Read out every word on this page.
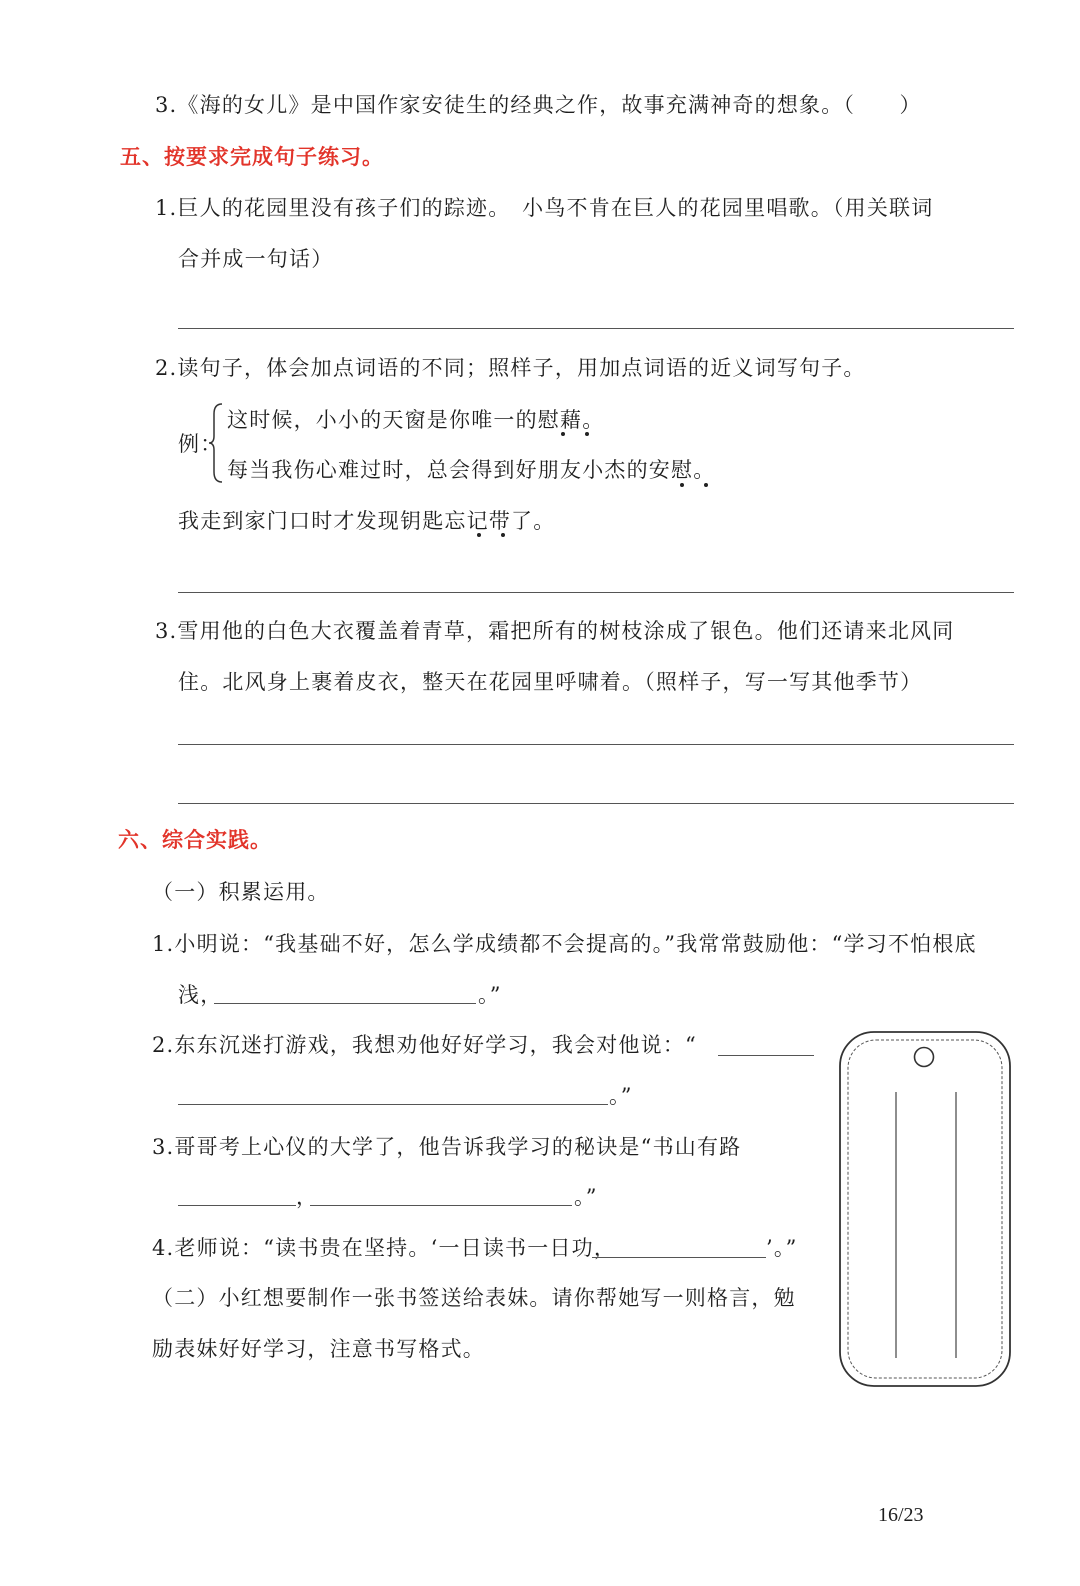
3.《海的女儿》是中国作家安徒生的经典之作，故事充满神奇的想象。（　　）
五、按要求完成句子练习。
1.巨人的花园里没有孩子们的踪迹。　小鸟不肯在巨人的花园里唱歌。（用关联词
合并成一句话）
2.读句子，体会加点词语的不同；照样子，用加点词语的近义词写句子。
例：
这时候，小小的天窗是你唯一的慰藉。
每当我伤心难过时，总会得到好朋友小杰的安慰。
我走到家门口时才发现钥匙忘记带了。
3.雪用他的白色大衣覆盖着青草，霜把所有的树枝涂成了银色。他们还请来北风同
住。北风身上裹着皮衣，整天在花园里呼啸着。（照样子，写一写其他季节）
六、综合实践。
（一）积累运用。
1.小明说：“我基础不好，怎么学成绩都不会提高的。”我常常鼓励他：“学习不怕根底
浅，	。”
2.东东沉迷打游戏，我想劝他好好学习，我会对他说：“
。”
3.哥哥考上心仪的大学了，他告诉我学习的秘诀是“书山有路
，	。”
4.老师说：“读书贵在坚持。‘一日读书一日功，	’。”
（二）小红想要制作一张书签送给表妹。请你帮她写一则格言，勉
励表妹好好学习，注意书写格式。
16/23
